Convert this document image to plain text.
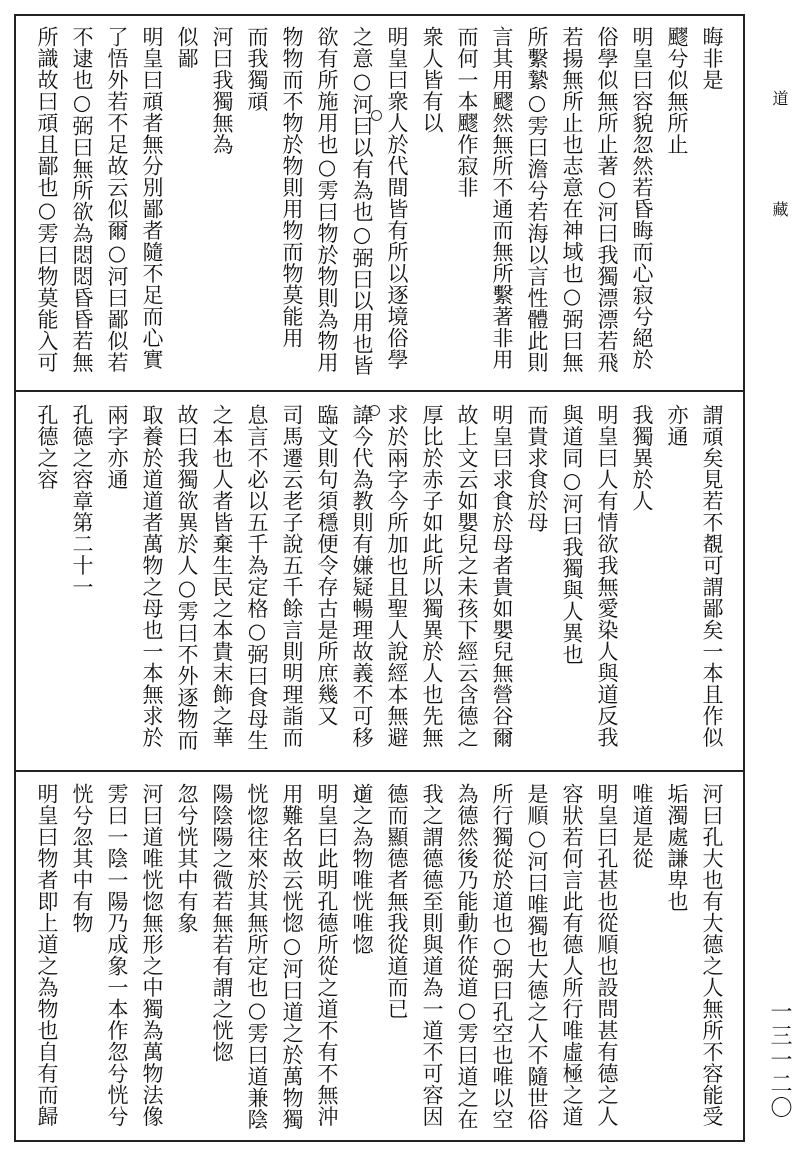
道 藏
一三一二〇
晦非是
飂兮似無所止
明皇曰容貌忽然若昏晦而心寂兮絕於
俗學似無所止著○河曰我獨漂漂若飛
若揚無所止也志意在神域也○弼曰無
所繫縶○雱曰澹兮若海以言性體此則
言其用飂然無所不通而無所繫著非用
而何一本飂作寂非
衆人皆有以
明皇曰衆人於代間皆有所以逐境俗學
之意○河曰以有為也○弼曰以用也皆
欲有所施用也○雱曰物於物則為物用
物物而不物於物則用物而物莫能用
而我獨頑
河曰我獨無為
似鄙
明皇曰頑者無分別鄙者隨不足而心實
了悟外若不足故云似爾○河曰鄙似若
不逮也○弼曰無所欲為悶悶昏昏若無
所識故曰頑且鄙也○雱曰物莫能入可
謂頑矣見若不覩可謂鄙矣一本且作似
亦通
我獨異於人
明皇曰人有情欲我無愛染人與道反我
與道同○河曰我獨與人異也
而貴求食於母
明皇曰求食於母者貴如嬰兒無營谷爾
故上文云如嬰兒之未孩下經云含德之
厚比於赤子如此所以獨異於人也先無
求於兩字今所加也且聖人說經本無避
諱今代為教則有嫌疑暢理故義不可移
臨文則句須穩便令存古是所庶幾又
司馬遷云老子說五千餘言則明理詣而
息言不必以五千為定格○弼曰食母生
之本也人者皆棄生民之本貴末飾之華
故曰我獨欲異於人○雱曰不外逐物而
取養於道道者萬物之母也一本無求於
兩字亦通
孔德之容章第二十一
孔德之容
河曰孔大也有大德之人無所不容能受
垢濁處謙卑也
唯道是從
明皇曰孔甚也從順也設問甚有德之人
容狀若何言此有德人所行唯虛極之道
是順○河曰唯獨也大德之人不隨世俗
所行獨從於道也○弼曰孔空也唯以空
為德然後乃能動作從道○雱曰道之在
我之謂德德至則與道為一道不可容因
德而顯德者無我從道而已
道之為物唯恍唯惚
明皇曰此明孔德所從之道不有不無沖
用難名故云恍惚○河曰道之於萬物獨
恍惚往來於其無所定也○雱曰道兼陰
陽陰陽之微若無若有謂之恍惚
忽兮恍其中有象
河曰道唯恍惚無形之中獨為萬物法像
雱曰一陰一陽乃成象一本作忽兮恍兮
恍兮忽其中有物
明皇曰物者即上道之為物也自有而歸
